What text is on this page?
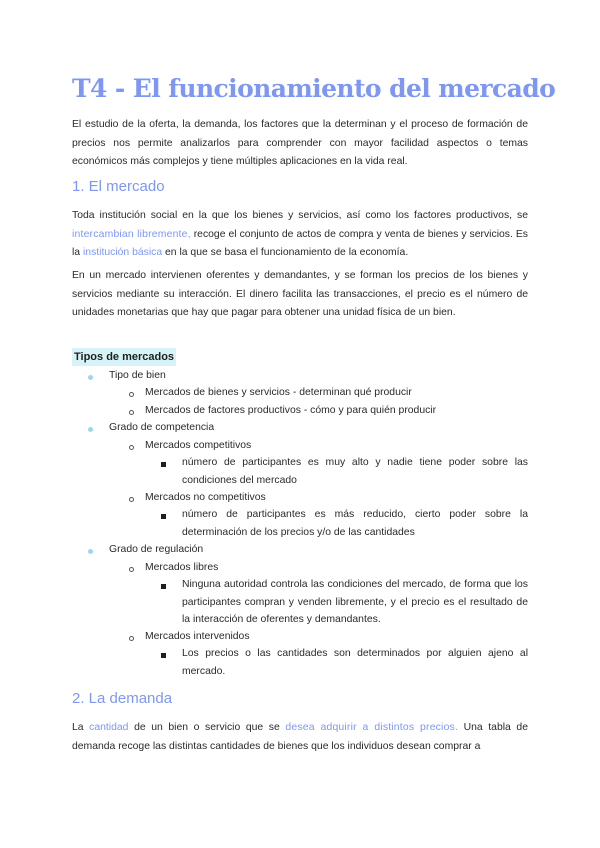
T4 - El funcionamiento del mercado

El estudio de la oferta, la demanda, los factores que la determinan y el proceso de formación de precios nos permite analizarlos para comprender con mayor facilidad aspectos o temas económicos más complejos y tiene múltiples aplicaciones en la vida real.

1. El mercado

Toda institución social en la que los bienes y servicios, así como los factores productivos, se intercambian libremente, recoge el conjunto de actos de compra y venta de bienes y servicios. Es la institución básica en la que se basa el funcionamiento de la economía.

En un mercado intervienen oferentes y demandantes, y se forman los precios de los bienes y servicios mediante su interacción. El dinero facilita las transacciones, el precio es el número de unidades monetarias que hay que pagar para obtener una unidad física de un bien.

Tipos de mercados
Tipo de bien
Mercados de bienes y servicios - determinan qué producir
Mercados de factores productivos - cómo y para quién producir
Grado de competencia
Mercados competitivos
número de participantes es muy alto y nadie tiene poder sobre las condiciones del mercado
Mercados no competitivos
número de participantes es más reducido, cierto poder sobre la determinación de los precios y/o de las cantidades
Grado de regulación
Mercados libres
Ninguna autoridad controla las condiciones del mercado, de forma que los participantes compran y venden libremente, y el precio es el resultado de la interacción de oferentes y demandantes.
Mercados intervenidos
Los precios o las cantidades son determinados por alguien ajeno al mercado.
2. La demanda

La cantidad de un bien o servicio que se desea adquirir a distintos precios. Una tabla de demanda recoge las distintas cantidades de bienes que los individuos desean comprar a
